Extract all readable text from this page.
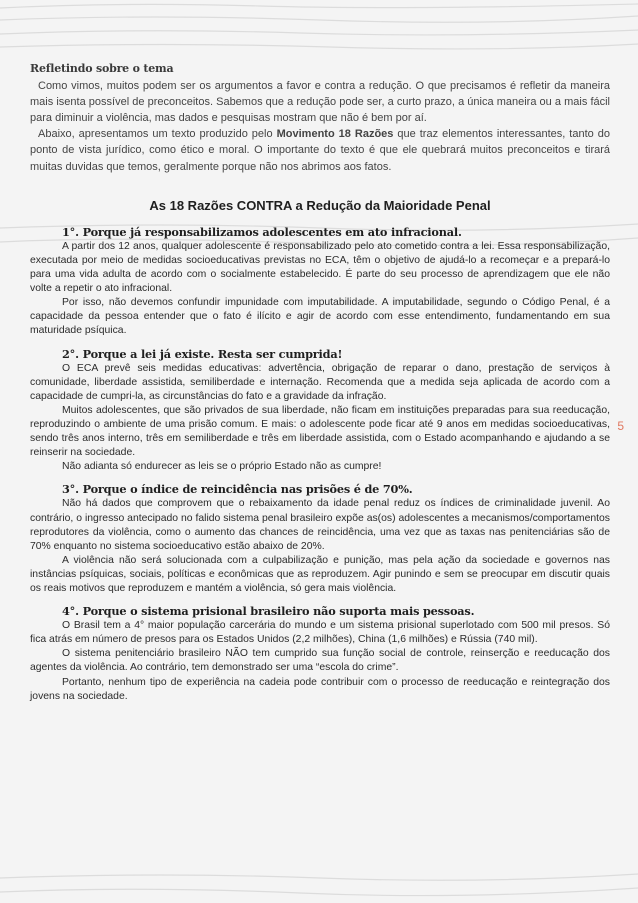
Refletindo sobre o tema

Como vimos, muitos podem ser os argumentos a favor e contra a redução. O que precisamos é refletir da maneira mais isenta possível de preconceitos. Sabemos que a redução pode ser, a curto prazo, a única maneira ou a mais fácil para diminuir a violência, mas dados e pesquisas mostram que não é bem por aí.

Abaixo, apresentamos um texto produzido pelo Movimento 18 Razões que traz elementos interessantes, tanto do ponto de vista jurídico, como ético e moral. O importante do texto é que ele quebrará muitos preconceitos e tirará muitas duvidas que temos, geralmente porque não nos abrimos aos fatos.

As 18 Razões CONTRA a Redução da Maioridade Penal
1°. Porque já responsabilizamos adolescentes em ato infracional.

A partir dos 12 anos, qualquer adolescente é responsabilizado pelo ato cometido contra a lei. Essa responsabilização, executada por meio de medidas socioeducativas previstas no ECA, têm o objetivo de ajudá-lo a recomeçar e a prepará-lo para uma vida adulta de acordo com o socialmente estabelecido. É parte do seu processo de aprendizagem que ele não volte a repetir o ato infracional.

Por isso, não devemos confundir impunidade com imputabilidade. A imputabilidade, segundo o Código Penal, é a capacidade da pessoa entender que o fato é ilícito e agir de acordo com esse entendimento, fundamentando em sua maturidade psíquica.

2°. Porque a lei já existe. Resta ser cumprida!

O ECA prevê seis medidas educativas: advertência, obrigação de reparar o dano, prestação de serviços à comunidade, liberdade assistida, semiliberdade e internação. Recomenda que a medida seja aplicada de acordo com a capacidade de cumpri-la, as circunstâncias do fato e a gravidade da infração.

Muitos adolescentes, que são privados de sua liberdade, não ficam em instituições preparadas para sua reeducação, reproduzindo o ambiente de uma prisão comum. E mais: o adolescente pode ficar até 9 anos em medidas socioeducativas, sendo três anos interno, três em semiliberdade e três em liberdade assistida, com o Estado acompanhando e ajudando a se reinserir na sociedade.

Não adianta só endurecer as leis se o próprio Estado não as cumpre!

3°. Porque o índice de reincidência nas prisões é de 70%.

Não há dados que comprovem que o rebaixamento da idade penal reduz os índices de criminalidade juvenil. Ao contrário, o ingresso antecipado no falido sistema penal brasileiro expõe as(os) adolescentes a mecanismos/comportamentos reprodutores da violência, como o aumento das chances de reincidência, uma vez que as taxas nas penitenciárias são de 70% enquanto no sistema socioeducativo estão abaixo de 20%.

A violência não será solucionada com a culpabilização e punição, mas pela ação da sociedade e governos nas instâncias psíquicas, sociais, políticas e econômicas que as reproduzem. Agir punindo e sem se preocupar em discutir quais os reais motivos que reproduzem e mantém a violência, só gera mais violência.

4°. Porque o sistema prisional brasileiro não suporta mais pessoas.

O Brasil tem a 4° maior população carcerária do mundo e um sistema prisional superlotado com 500 mil presos. Só fica atrás em número de presos para os Estados Unidos (2,2 milhões), China (1,6 milhões) e Rússia (740 mil).

O sistema penitenciário brasileiro NÃO tem cumprido sua função social de controle, reinserção e reeducação dos agentes da violência. Ao contrário, tem demonstrado ser uma “escola do crime”.

Portanto, nenhum tipo de experiência na cadeia pode contribuir com o processo de reeducação e reintegração dos jovens na sociedade.

5
